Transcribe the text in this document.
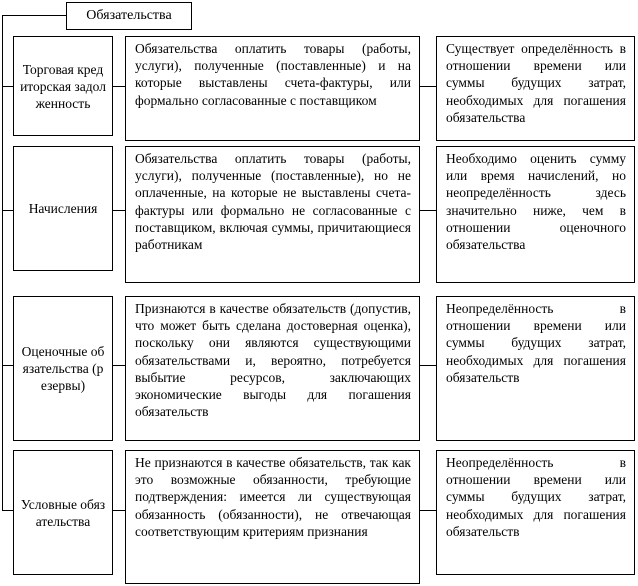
Обязательства
Торговая кредиторская задолженность
Обязательства оплатить товары (работы, услуги), полученные (поставленные) и на которые выставлены счета-фактуры, или формально согласованные с поставщиком
Существует определённость в отношении времени или суммы будущих затрат, необходимых для погашения обязательства
Начисления
Обязательства оплатить товары (работы, услуги), полученные (поставленные), но не оплаченные, на которые не выставлены счета-фактуры или формально не согласованные с поставщиком, включая суммы, причитающиеся работникам
Необходимо оценить сумму или время начислений, но неопределённость здесь значительно ниже, чем в отношении оценочного обязательства
Оценочные обязательства (резервы)
Признаются в качестве обязательств (допустив, что может быть сделана достоверная оценка), поскольку они являются существующими обязательствами и, вероятно, потребуется выбытие ресурсов, заключающих экономические выгоды для погашения обязательств
Неопределённость в отношении времени или суммы будущих затрат, необходимых для погашения обязательств
Условные обязательства
Не признаются в качестве обязательств, так как это возможные обязанности, требующие подтверждения: имеется ли существующая обязанность (обязанности), не отвечающая соответствующим критериям признания
Неопределённость в отношении времени или суммы будущих затрат, необходимых для погашения обязательств
